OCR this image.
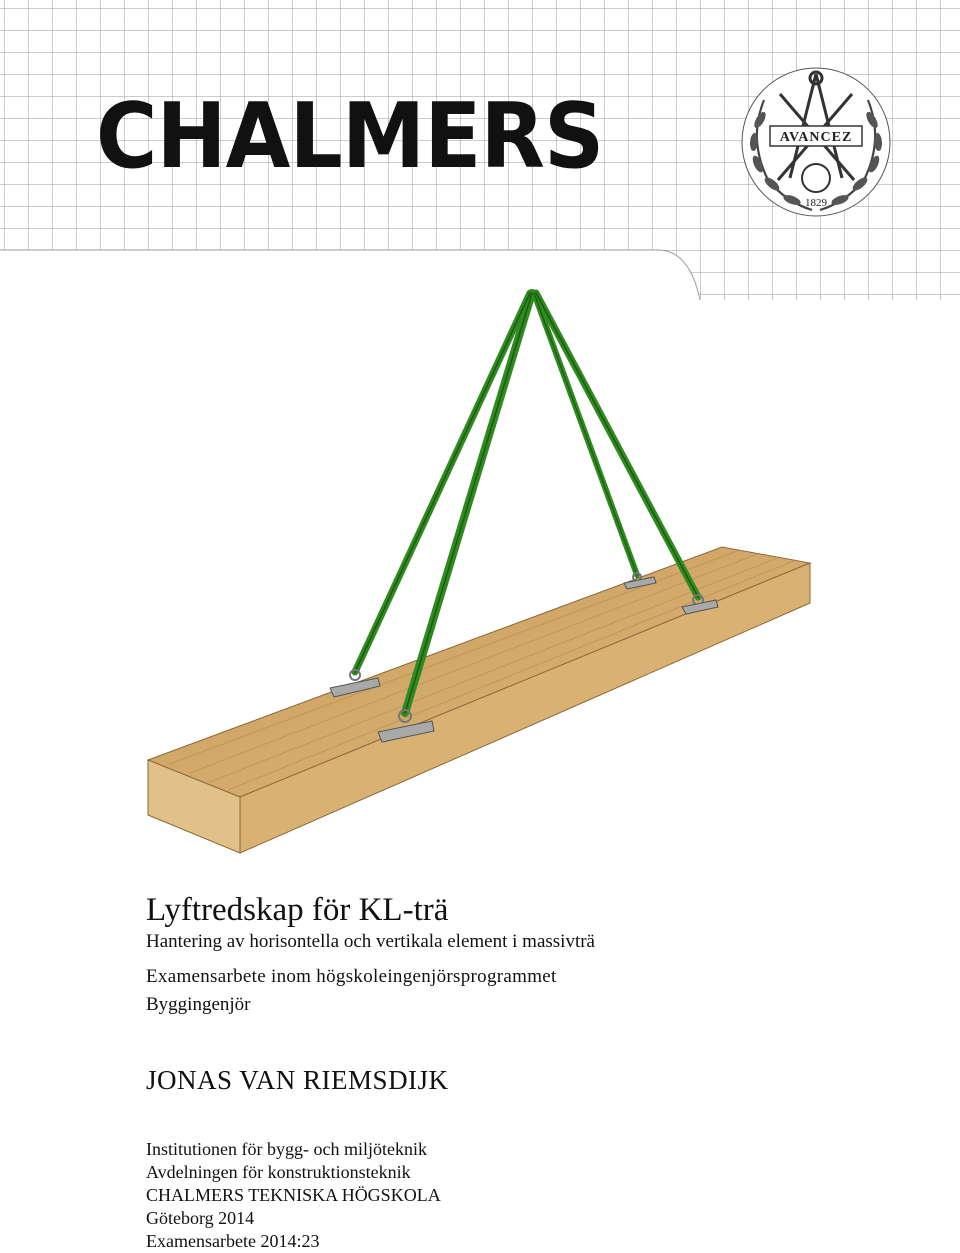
CHALMERS	AVANCEZ
1829
Lyftredskap för KL-trä
Hantering av horisontella och vertikala element i massivträ
Examensarbete inom högskoleingenjörsprogrammet
Byggingenjör
JONAS VAN RIEMSDIJK
Institutionen för bygg- och miljöteknik
Avdelningen för konstruktionsteknik
CHALMERS TEKNISKA HÖGSKOLA
Göteborg 2014
Examensarbete 2014:23
